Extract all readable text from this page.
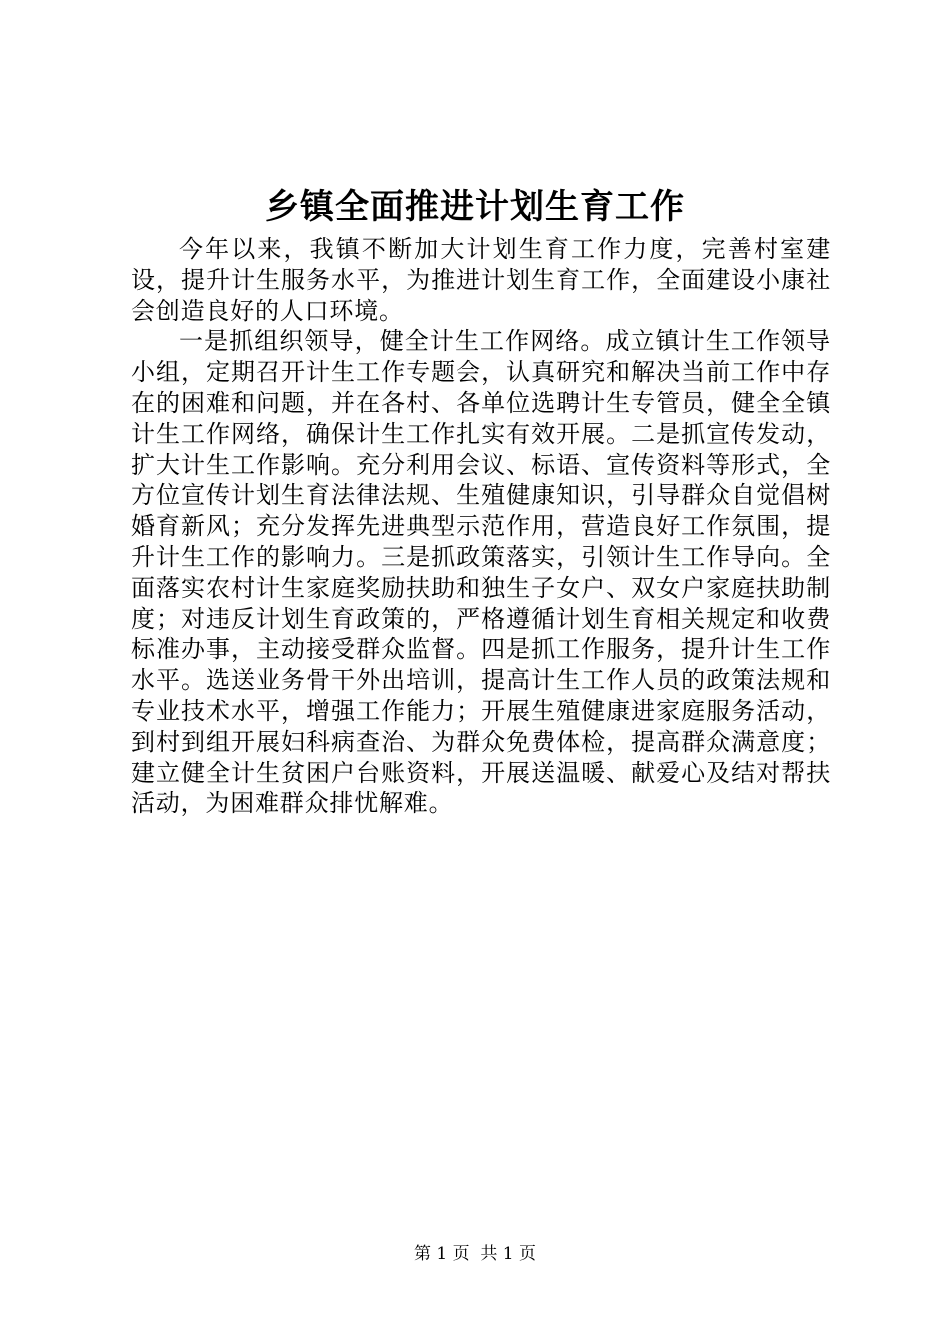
乡镇全面推进计划生育工作

今年以来，我镇不断加大计划生育工作力度，完善村室建设，提升计生服务水平，为推进计划生育工作，全面建设小康社会创造良好的人口环境。

一是抓组织领导，健全计生工作网络。成立镇计生工作领导小组，定期召开计生工作专题会，认真研究和解决当前工作中存在的困难和问题，并在各村、各单位选聘计生专管员，健全全镇计生工作网络，确保计生工作扎实有效开展。二是抓宣传发动，扩大计生工作影响。充分利用会议、标语、宣传资料等形式，全方位宣传计划生育法律法规、生殖健康知识，引导群众自觉倡树婚育新风；充分发挥先进典型示范作用，营造良好工作氛围，提升计生工作的影响力。三是抓政策落实，引领计生工作导向。全面落实农村计生家庭奖励扶助和独生子女户、双女户家庭扶助制度；对违反计划生育政策的，严格遵循计划生育相关规定和收费标准办事，主动接受群众监督。四是抓工作服务，提升计生工作水平。选送业务骨干外出培训，提高计生工作人员的政策法规和专业技术水平，增强工作能力；开展生殖健康进家庭服务活动，到村到组开展妇科病查治、为群众免费体检，提高群众满意度；建立健全计生贫困户台账资料，开展送温暖、献爱心及结对帮扶活动，为困难群众排忧解难。

第 1 页  共 1 页
